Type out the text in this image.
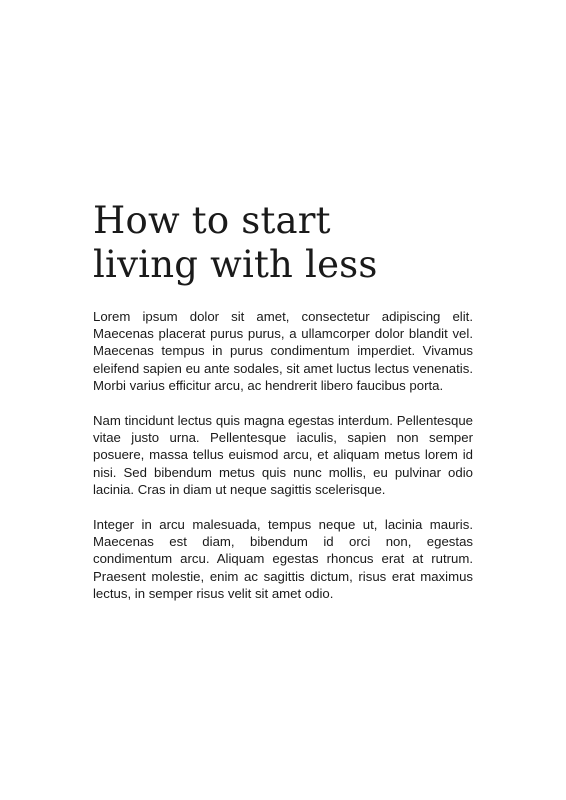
How to start
living with less

Lorem ipsum dolor sit amet, consectetur adipiscing elit. Maecenas placerat purus purus, a ullamcorper dolor blandit vel. Maecenas tempus in purus condimentum imperdiet. Vivamus eleifend sapien eu ante sodales, sit amet luctus lectus venenatis. Morbi varius efficitur arcu, ac hendrerit libero faucibus porta.

Nam tincidunt lectus quis magna egestas interdum. Pellentesque vitae justo urna. Pellentesque iaculis, sapien non semper posuere, massa tellus euismod arcu, et aliquam metus lorem id nisi. Sed bibendum metus quis nunc mollis, eu pulvinar odio lacinia. Cras in diam ut neque sagittis scelerisque.

Integer in arcu malesuada, tempus neque ut, lacinia mauris. Maecenas est diam, bibendum id orci non, egestas condimentum arcu. Aliquam egestas rhoncus erat at rutrum. Praesent molestie, enim ac sagittis dictum, risus erat maximus lectus, in semper risus velit sit amet odio.
